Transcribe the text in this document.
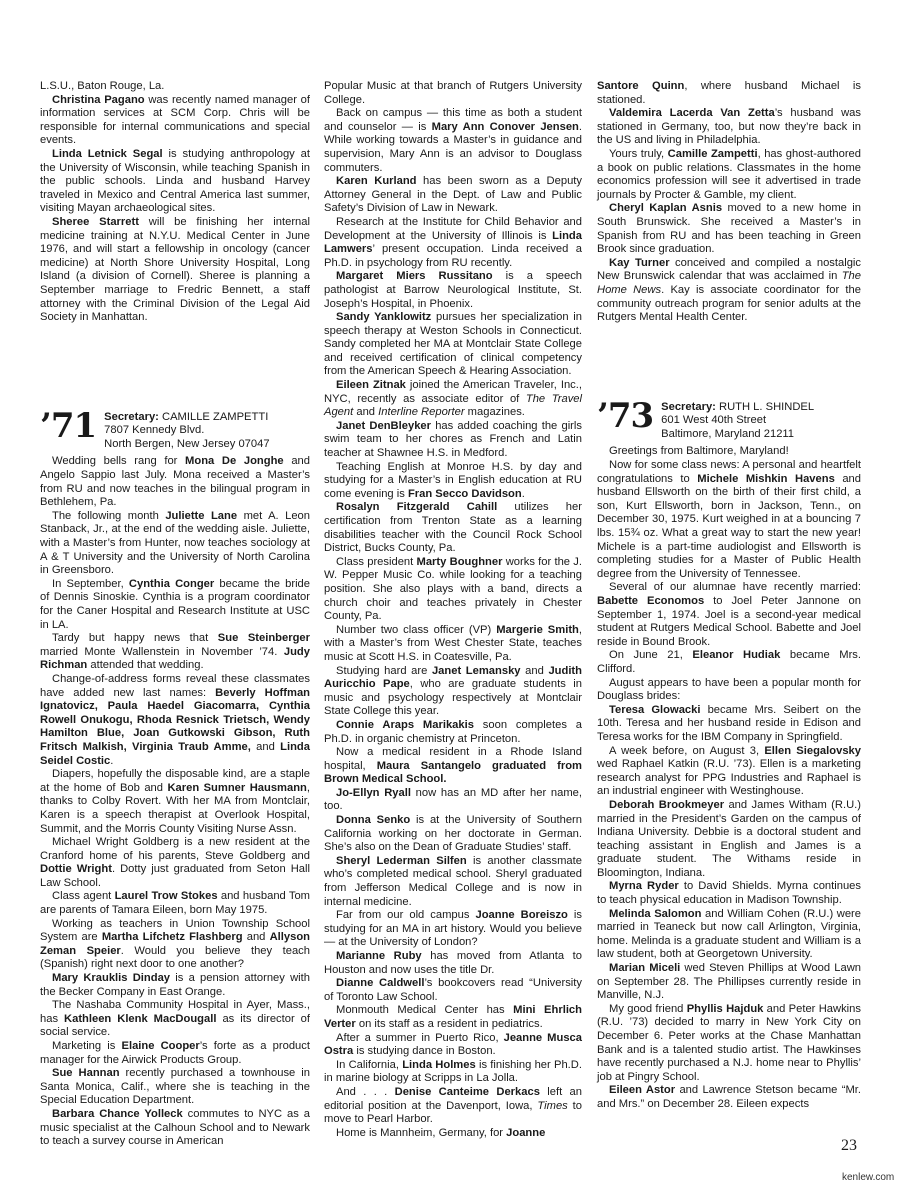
L.S.U., Baton Rouge, La.

Christina Pagano was recently named manager of information services at SCM Corp. Chris will be responsible for internal communications and special events.

Linda Letnick Segal is studying anthropology at the University of Wisconsin, while teaching Spanish in the public schools. Linda and husband Harvey traveled in Mexico and Central America last summer, visiting Mayan archaeological sites.

Sheree Starrett will be finishing her internal medicine training at N.Y.U. Medical Center in June 1976, and will start a fellowship in oncology (cancer medicine) at North Shore University Hospital, Long Island (a division of Cornell). Sheree is planning a September marriage to Fredric Bennett, a staff attorney with the Criminal Division of the Legal Aid Society in Manhattan.

’71 Secretary: CAMILLE ZAMPETTI
7807 Kennedy Blvd.
North Bergen, New Jersey 07047

Wedding bells rang for Mona De Jonghe and Angelo Sappio last July. Mona received a Master’s from RU and now teaches in the bilingual program in Bethlehem, Pa.

The following month Juliette Lane met A. Leon Stanback, Jr., at the end of the wedding aisle. Juliette, with a Master’s from Hunter, now teaches sociology at A & T University and the University of North Carolina in Greensboro.

In September, Cynthia Conger became the bride of Dennis Sinoskie. Cynthia is a program coordinator for the Caner Hospital and Research Institute at USC in LA.

Tardy but happy news that Sue Steinberger married Monte Wallenstein in November ’74. Judy Richman attended that wedding.

Change-of-address forms reveal these classmates have added new last names: Beverly Hoffman Ignatovicz, Paula Haedel Giacomarra, Cynthia Rowell Onukogu, Rhoda Resnick Trietsch, Wendy Hamilton Blue, Joan Gutkowski Gibson, Ruth Fritsch Malkish, Virginia Traub Amme, and Linda Seidel Costic.

Diapers, hopefully the disposable kind, are a staple at the home of Bob and Karen Sumner Hausmann, thanks to Colby Rovert. With her MA from Montclair, Karen is a speech therapist at Overlook Hospital, Summit, and the Morris County Visiting Nurse Assn.

Michael Wright Goldberg is a new resident at the Cranford home of his parents, Steve Goldberg and Dottie Wright. Dotty just graduated from Seton Hall Law School.

Class agent Laurel Trow Stokes and husband Tom are parents of Tamara Eileen, born May 1975.

Working as teachers in Union Township School System are Martha Lifchetz Flashberg and Allyson Zeman Speier. Would you believe they teach (Spanish) right next door to one another?

Mary Krauklis Dinday is a pension attorney with the Becker Company in East Orange.

The Nashaba Community Hospital in Ayer, Mass., has Kathleen Klenk MacDougall as its director of social service.

Marketing is Elaine Cooper’s forte as a product manager for the Airwick Products Group.

Sue Hannan recently purchased a townhouse in Santa Monica, Calif., where she is teaching in the Special Education Department.

Barbara Chance Yolleck commutes to NYC as a music specialist at the Calhoun School and to Newark to teach a survey course in American

Popular Music at that branch of Rutgers University College.

Back on campus — this time as both a student and counselor — is Mary Ann Conover Jensen. While working towards a Master’s in guidance and supervision, Mary Ann is an advisor to Douglass commuters.

Karen Kurland has been sworn as a Deputy Attorney General in the Dept. of Law and Public Safety’s Division of Law in Newark.

Research at the Institute for Child Behavior and Development at the University of Illinois is Linda Lamwers’ present occupation. Linda received a Ph.D. in psychology from RU recently.

Margaret Miers Russitano is a speech pathologist at Barrow Neurological Institute, St. Joseph’s Hospital, in Phoenix.

Sandy Yanklowitz pursues her specialization in speech therapy at Weston Schools in Connecticut. Sandy completed her MA at Montclair State College and received certification of clinical competency from the American Speech & Hearing Association.

Eileen Zitnak joined the American Traveler, Inc., NYC, recently as associate editor of The Travel Agent and Interline Reporter magazines.

Janet DenBleyker has added coaching the girls swim team to her chores as French and Latin teacher at Shawnee H.S. in Medford.

Teaching English at Monroe H.S. by day and studying for a Master’s in English education at RU come evening is Fran Secco Davidson.

Rosalyn Fitzgerald Cahill utilizes her certification from Trenton State as a learning disabilities teacher with the Council Rock School District, Bucks County, Pa.

Class president Marty Boughner works for the J. W. Pepper Music Co. while looking for a teaching position. She also plays with a band, directs a church choir and teaches privately in Chester County, Pa.

Number two class officer (VP) Margerie Smith, with a Master’s from West Chester State, teaches music at Scott H.S. in Coatesville, Pa.

Studying hard are Janet Lemansky and Judith Auricchio Pape, who are graduate students in music and psychology respectively at Montclair State College this year.

Connie Araps Marikakis soon completes a Ph.D. in organic chemistry at Princeton.

Now a medical resident in a Rhode Island hospital, Maura Santangelo graduated from Brown Medical School.

Jo-Ellyn Ryall now has an MD after her name, too.

Donna Senko is at the University of Southern California working on her doctorate in German. She’s also on the Dean of Graduate Studies’ staff.

Sheryl Lederman Silfen is another classmate who’s completed medical school. Sheryl graduated from Jefferson Medical College and is now in internal medicine.

Far from our old campus Joanne Boreiszo is studying for an MA in art history. Would you believe — at the University of London?

Marianne Ruby has moved from Atlanta to Houston and now uses the title Dr.

Dianne Caldwell’s bookcovers read “University of Toronto Law School.

Monmouth Medical Center has Mini Ehrlich Verter on its staff as a resident in pediatrics.

After a summer in Puerto Rico, Jeanne Musca Ostra is studying dance in Boston.

In California, Linda Holmes is finishing her Ph.D. in marine biology at Scripps in La Jolla.

And . . . Denise Canteime Derkacs left an editorial position at the Davenport, Iowa, Times to move to Pearl Harbor.

Home is Mannheim, Germany, for Joanne

Santore Quinn, where husband Michael is stationed.

Valdemira Lacerda Van Zetta’s husband was stationed in Germany, too, but now they’re back in the US and living in Philadelphia.

Yours truly, Camille Zampetti, has ghost-authored a book on public relations. Classmates in the home economics profession will see it advertised in trade journals by Procter & Gamble, my client.

Cheryl Kaplan Asnis moved to a new home in South Brunswick. She received a Master’s in Spanish from RU and has been teaching in Green Brook since graduation.

Kay Turner conceived and compiled a nostalgic New Brunswick calendar that was acclaimed in The Home News. Kay is associate coordinator for the community outreach program for senior adults at the Rutgers Mental Health Center.

’73 Secretary: RUTH L. SHINDEL
601 West 40th Street
Baltimore, Maryland 21211

Greetings from Baltimore, Maryland!

Now for some class news: A personal and heartfelt congratulations to Michele Mishkin Havens and husband Ellsworth on the birth of their first child, a son, Kurt Ellsworth, born in Jackson, Tenn., on December 30, 1975. Kurt weighed in at a bouncing 7 lbs. 15¾ oz. What a great way to start the new year! Michele is a part-time audiologist and Ellsworth is completing studies for a Master of Public Health degree from the University of Tennessee.

Several of our alumnae have recently married: Babette Economos to Joel Peter Jannone on September 1, 1974. Joel is a second-year medical student at Rutgers Medical School. Babette and Joel reside in Bound Brook.

On June 21, Eleanor Hudiak became Mrs. Clifford.

August appears to have been a popular month for Douglass brides:

Teresa Glowacki became Mrs. Seibert on the 10th. Teresa and her husband reside in Edison and Teresa works for the IBM Company in Springfield.

A week before, on August 3, Ellen Siegalovsky wed Raphael Katkin (R.U. ’73). Ellen is a marketing research analyst for PPG Industries and Raphael is an industrial engineer with Westinghouse.

Deborah Brookmeyer and James Witham (R.U.) married in the President’s Garden on the campus of Indiana University. Debbie is a doctoral student and teaching assistant in English and James is a graduate student. The Withams reside in Bloomington, Indiana.

Myrna Ryder to David Shields. Myrna continues to teach physical education in Madison Township.

Melinda Salomon and William Cohen (R.U.) were married in Teaneck but now call Arlington, Virginia, home. Melinda is a graduate student and William is a law student, both at Georgetown University.

Marian Miceli wed Steven Phillips at Wood Lawn on September 28. The Phillipses currently reside in Manville, N.J.

My good friend Phyllis Hajduk and Peter Hawkins (R.U. ’73) decided to marry in New York City on December 6. Peter works at the Chase Manhattan Bank and is a talented studio artist. The Hawkinses have recently purchased a N.J. home near to Phyllis’ job at Pingry School.

Eileen Astor and Lawrence Stetson became “Mr. and Mrs.” on December 28. Eileen expects

23
kenlew.com
